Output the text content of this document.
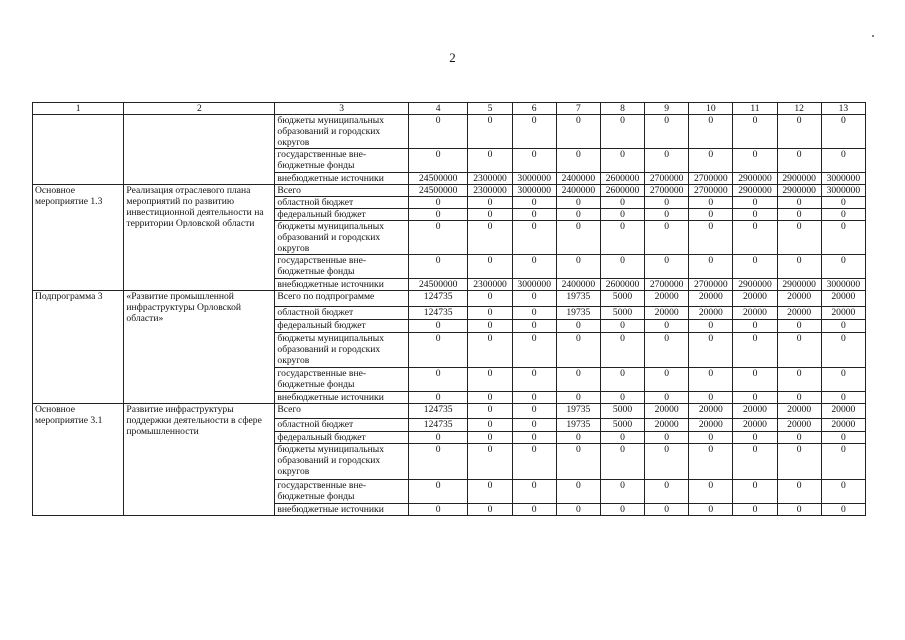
2
1	2	3	4	5	6	7	8	9	10	11	12	13
		бюджеты муниципальных образований и городских округов	0	0	0	0	0	0	0	0	0	0
		государственные вне-бюджетные фонды	0	0	0	0	0	0	0	0	0	0
		внебюджетные источники	24500000	2300000	3000000	2400000	2600000	2700000	2700000	2900000	2900000	3000000
Основное мероприятие 1.3	Реализация отраслевого плана мероприятий по развитию инвестиционной деятельности на территории Орловской области	Всего	24500000	2300000	3000000	2400000	2600000	2700000	2700000	2900000	2900000	3000000
		областной бюджет	0	0	0	0	0	0	0	0	0	0
		федеральный бюджет	0	0	0	0	0	0	0	0	0	0
		бюджеты муниципальных образований и городских округов	0	0	0	0	0	0	0	0	0	0
		государственные вне-бюджетные фонды	0	0	0	0	0	0	0	0	0	0
		внебюджетные источники	24500000	2300000	3000000	2400000	2600000	2700000	2700000	2900000	2900000	3000000
Подпрограмма 3	«Развитие промышленной инфраструктуры Орловской области»	Всего по подпрограмме	124735	0	0	19735	5000	20000	20000	20000	20000	20000
		областной бюджет	124735	0	0	19735	5000	20000	20000	20000	20000	20000
		федеральный бюджет	0	0	0	0	0	0	0	0	0	0
		бюджеты муниципальных образований и городских округов	0	0	0	0	0	0	0	0	0	0
		государственные вне-бюджетные фонды	0	0	0	0	0	0	0	0	0	0
		внебюджетные источники	0	0	0	0	0	0	0	0	0	0
Основное мероприятие 3.1	Развитие инфраструктуры поддержки деятельности в сфере промышленности	Всего	124735	0	0	19735	5000	20000	20000	20000	20000	20000
		областной бюджет	124735	0	0	19735	5000	20000	20000	20000	20000	20000
		федеральный бюджет	0	0	0	0	0	0	0	0	0	0
		бюджеты муниципальных образований и городских округов	0	0	0	0	0	0	0	0	0	0
		государственные вне-бюджетные фонды	0	0	0	0	0	0	0	0	0	0
		внебюджетные источники	0	0	0	0	0	0	0	0	0	0
